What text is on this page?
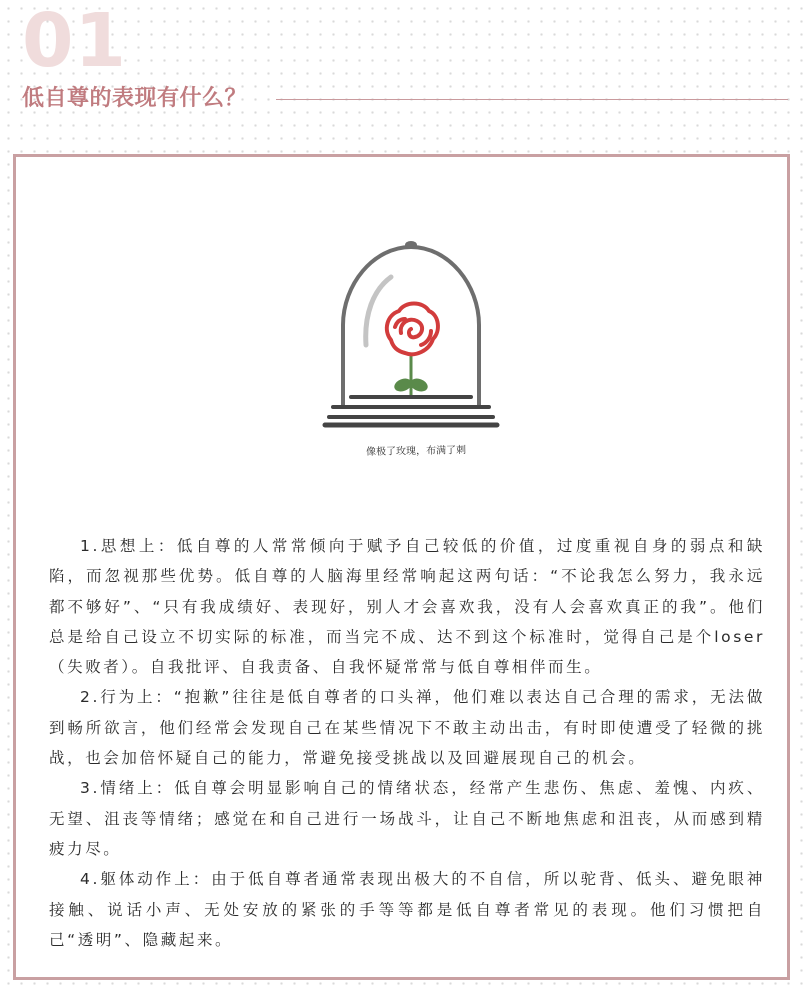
01
低自尊的表现有什么？
像极了玫瑰，布满了刺

1.思想上：低自尊的人常常倾向于赋予自己较低的价值，过度重视自身的弱点和缺陷，而忽视那些优势。低自尊的人脑海里经常响起这两句话：“不论我怎么努力，我永远都不够好”、“只有我成绩好、表现好，别人才会喜欢我，没有人会喜欢真正的我”。他们总是给自己设立不切实际的标准，而当完不成、达不到这个标准时，觉得自己是个loser（失败者）。自我批评、自我责备、自我怀疑常常与低自尊相伴而生。

2.行为上：“抱歉”往往是低自尊者的口头禅，他们难以表达自己合理的需求，无法做到畅所欲言，他们经常会发现自己在某些情况下不敢主动出击，有时即使遭受了轻微的挑战，也会加倍怀疑自己的能力，常避免接受挑战以及回避展现自己的机会。

3.情绪上：低自尊会明显影响自己的情绪状态，经常产生悲伤、焦虑、羞愧、内疚、无望、沮丧等情绪；感觉在和自己进行一场战斗，让自己不断地焦虑和沮丧，从而感到精疲力尽。

4.躯体动作上：由于低自尊者通常表现出极大的不自信，所以驼背、低头、避免眼神接触、说话小声、无处安放的紧张的手等等都是低自尊者常见的表现。他们习惯把自己“透明”、隐藏起来。
